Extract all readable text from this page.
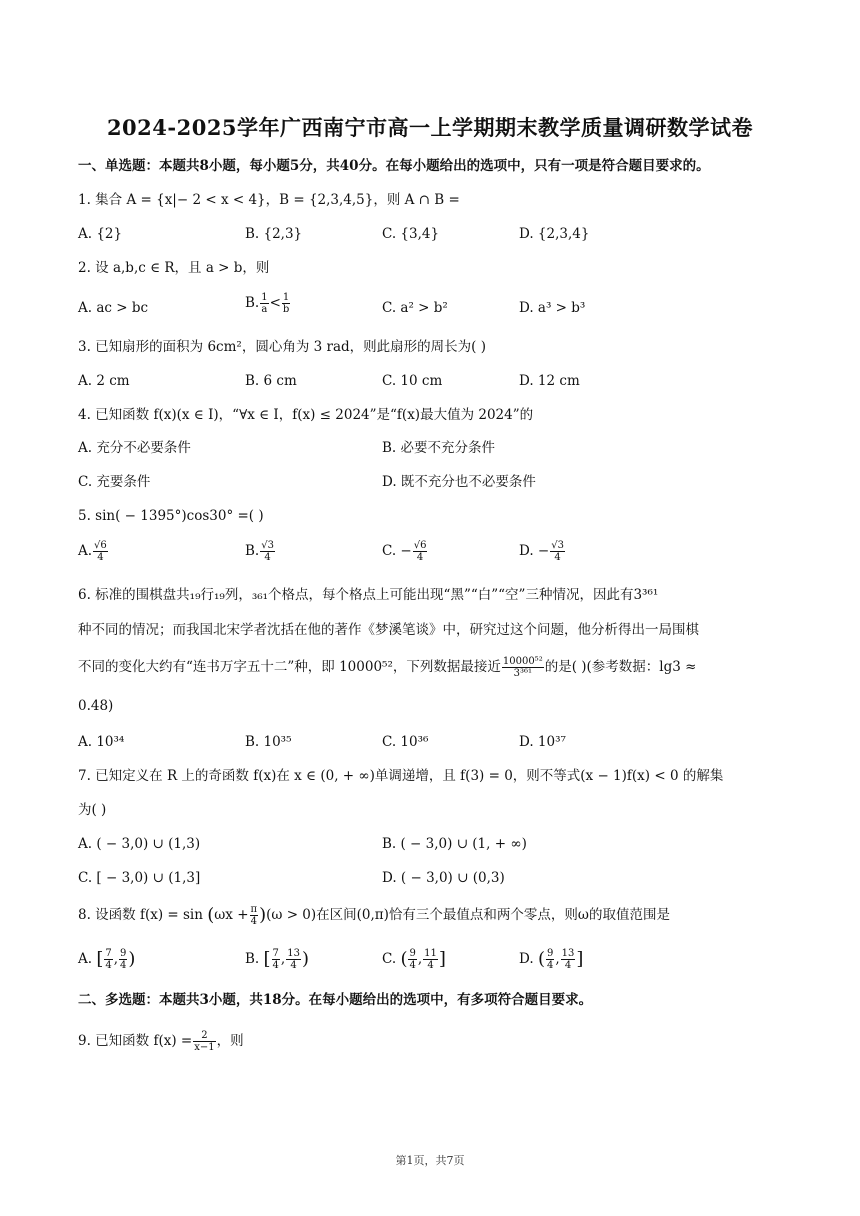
2024-2025学年广西南宁市高一上学期期末教学质量调研数学试卷
一、单选题：本题共8小题，每小题5分，共40分。在每小题给出的选项中，只有一项是符合题目要求的。
1. 集合 A = {x|− 2 < x < 4}，B = {2,3,4,5}，则 A ∩ B =
A. {2}	B. {2,3}	C. {3,4}	D. {2,3,4}
2. 设 a,b,c ∈ R，且 a > b，则
A. ac > bc	B. $\frac{1}{a} < \frac{1}{b}$	C. a² > b²	D. a³ > b³
3. 已知扇形的面积为 6cm²，圆心角为 3 rad，则此扇形的周长为( )
A. 2 cm	B. 6 cm	C. 10 cm	D. 12 cm
4. 已知函数 f(x)(x ∈ I)，“∀x ∈ I，f(x) ≤ 2024”是“f(x)最大值为 2024”的
A. 充分不必要条件	B. 必要不充分条件
C. 充要条件	D. 既不充分也不必要条件
5. sin( − 1395°)cos30° =( )
A. $\frac{√6}{4}$	B. $\frac{√3}{4}$	C. − $\frac{√6}{4}$	D. − $\frac{√3}{4}$
6. 标准的围棋盘共₁₉行₁₉列，₃₆₁个格点，每个格点上可能出现“黑”“白”“空”三种情况，因此有3³⁶¹
种不同的情况；而我国北宋学者沈括在他的著作《梦溪笔谈》中，研究过这个问题，他分析得出一局围棋
不同的变化大约有“连书万字五十二”种，即 10000⁵²，下列数据最接近 $\frac{\text{10000⁵²}}{\text{3³⁶¹}}$ 的是( )(参考数据：lg3 ≈
0.48)
A. 10³⁴	B. 10³⁵	C. 10³⁶	D. 10³⁷
7. 已知定义在 R 上的奇函数 f(x)在 x ∈ (0, + ∞)单调递增，且 f(3) = 0，则不等式(x − 1)f(x) < 0 的解集
为( )
A. ( − 3,0) ∪ (1,3)	B. ( − 3,0) ∪ (1, + ∞)
C. [ − 3,0) ∪ (1,3]	D. ( − 3,0) ∪ (0,3)
8. 设函数 $f(x) = \sin (\omega x + \frac{\pi}{4} )(\omega > 0)$在区间(0,π)恰有三个最值点和两个零点，则ω的取值范围是
A. [ $\frac{7}{4}$ , $\frac{9}{4}$ )	B. [ $\frac{7}{4}$ , $\frac{13}{4}$ )	C. ( $\frac{9}{4}$ , $\frac{11}{4}$ ]	D. ( $\frac{9}{4}$ , $\frac{13}{4}$ ]
二、多选题：本题共3小题，共18分。在每小题给出的选项中，有多项符合题目要求。
9. 已知函数 $f(x) = \frac{2}{x-1}$ ，则
第1页，共7页
